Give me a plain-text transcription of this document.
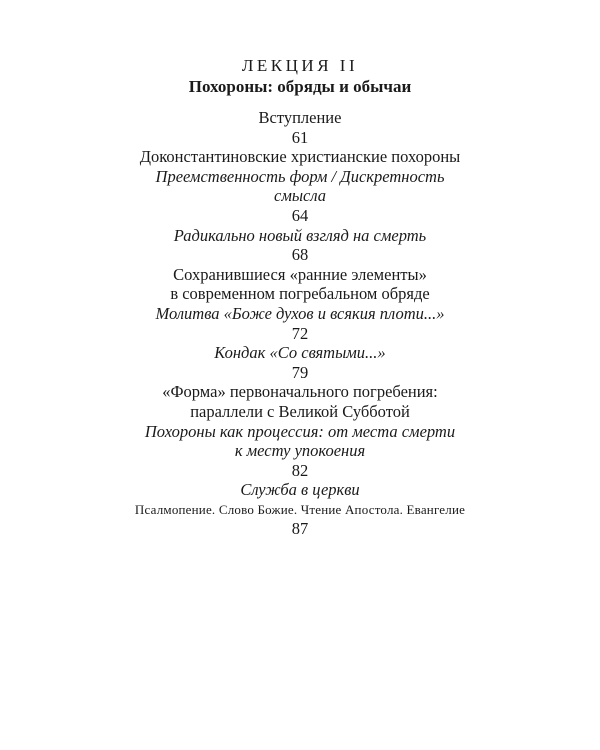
ЛЕКЦИЯ II
Похороны: обряды и обычаи
Вступление
61
Доконстантиновские христианские похороны
Преемственность форм / Дискретность
смысла
64
Радикально новый взгляд на смерть
68
Сохранившиеся «ранние элементы»
в современном погребальном обряде
Молитва «Боже духов и всякия плоти...»
72
Кондак «Со святыми...»
79
«Форма» первоначального погребения:
параллели с Великой Субботой
Похороны как процессия: от места смерти
к месту упокоения
82
Служба в церкви
Псалмопение. Слово Божие. Чтение Апостола. Евангелие
87
